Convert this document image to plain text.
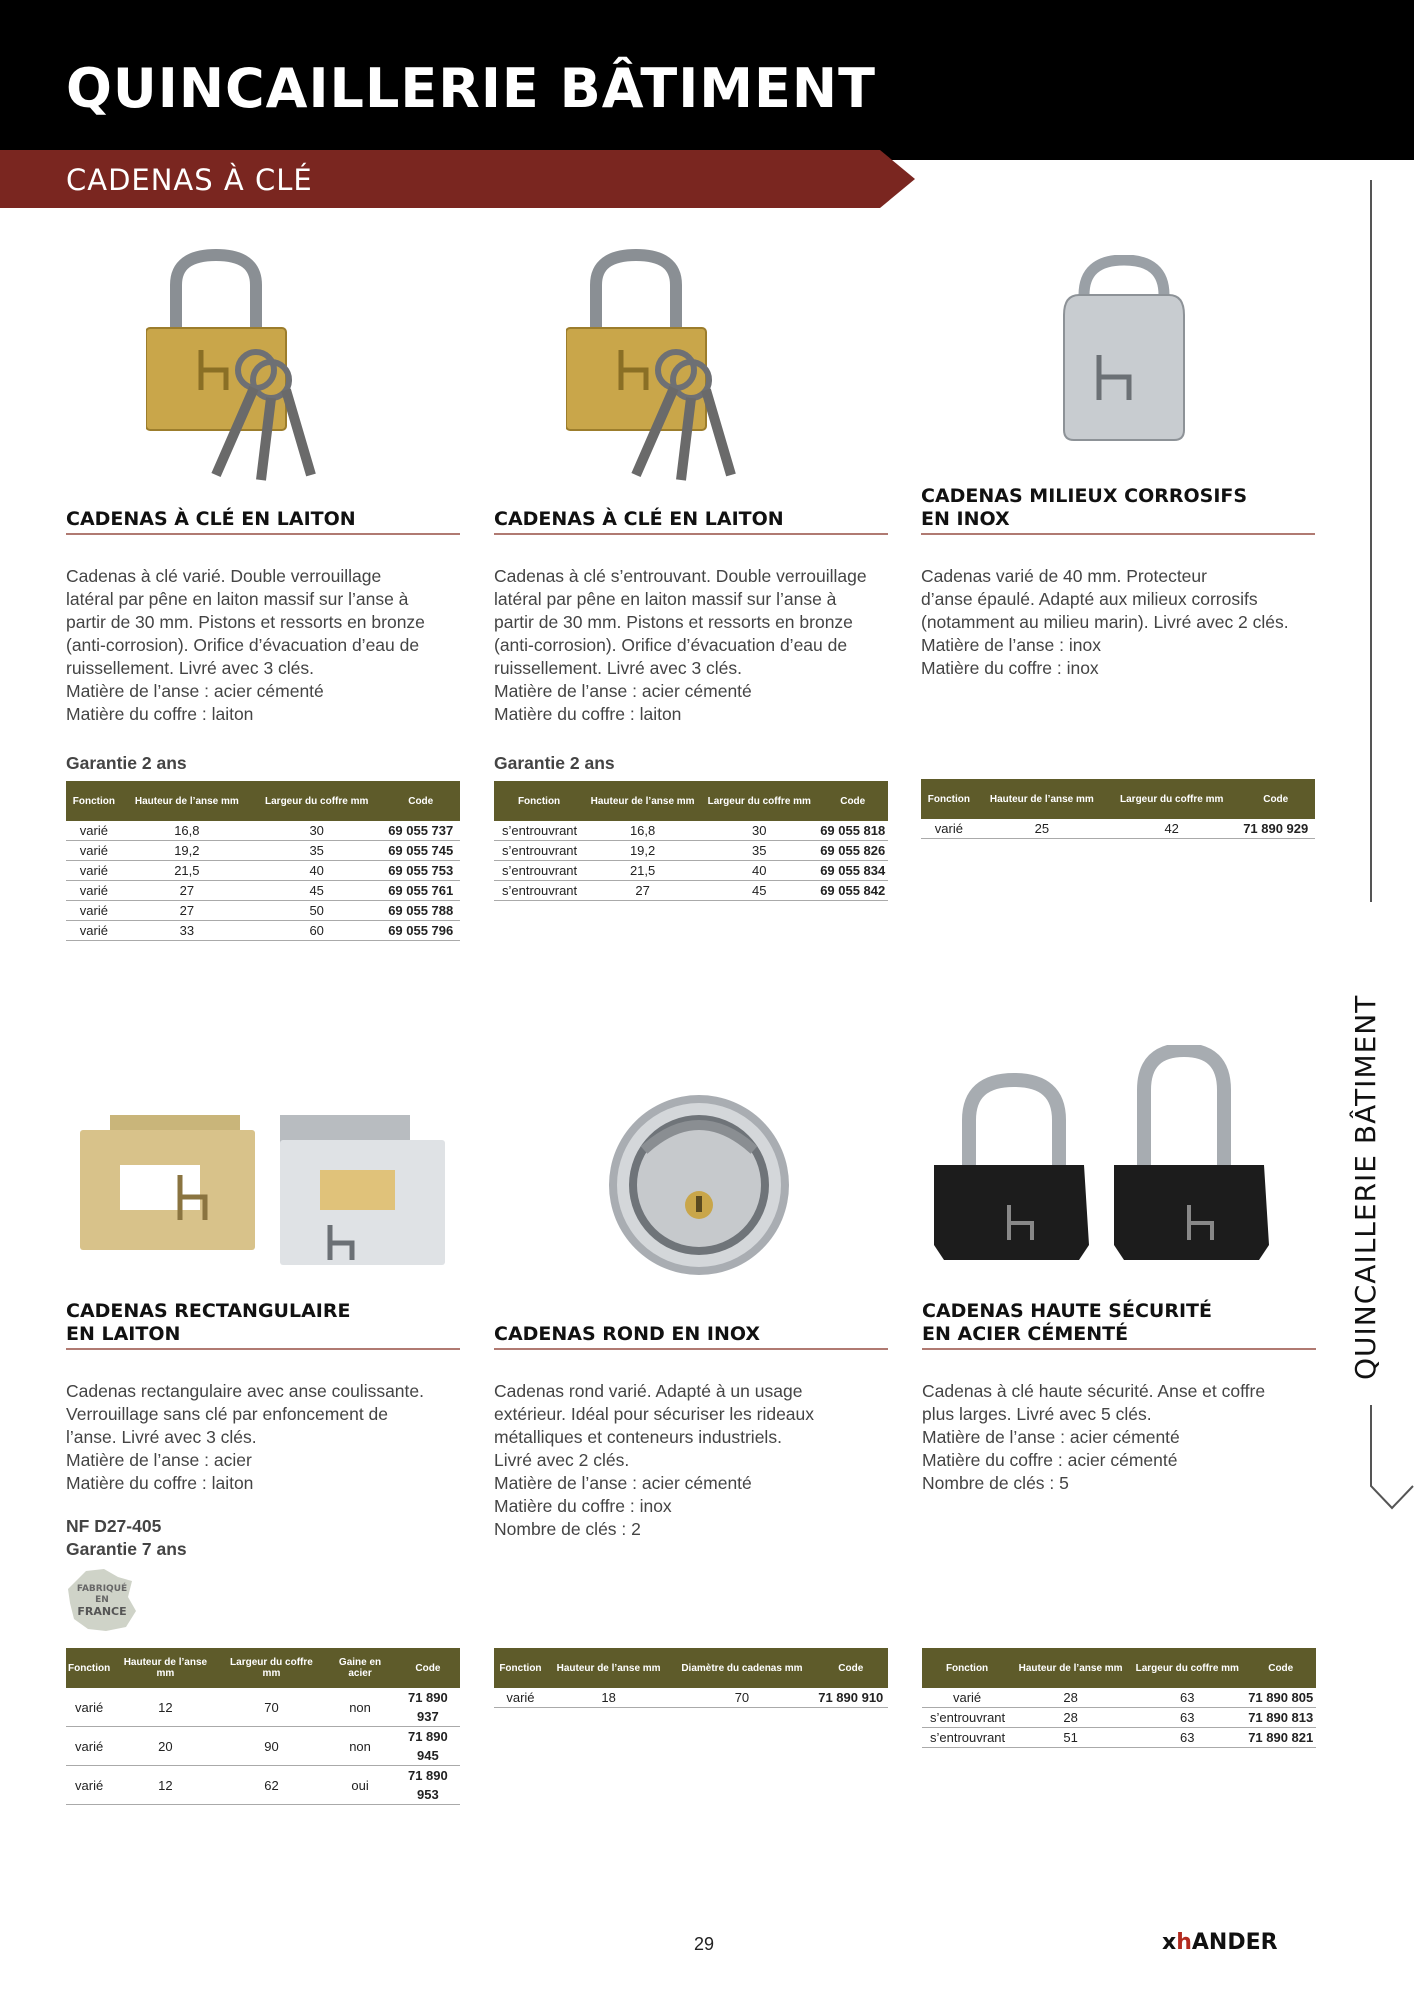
QUINCAILLERIE BÂTIMENT
CADENAS À CLÉ
QUINCAILLERIE BÂTIMENT
CADENAS À CLÉ EN LAITON
Cadenas à clé varié. Double verrouillage
latéral par pêne en laiton massif sur l’anse à
partir de 30 mm. Pistons et ressorts en bronze
(anti-corrosion). Orifice d’évacuation d’eau de
ruissellement. Livré avec 3 clés.
Matière de l’anse : acier cémenté
Matière du coffre : laiton
Garantie 2 ans
Fonction	Hauteur de l’anse mm	Largeur du coffre mm	Code
varié	16,8	30	69 055 737
varié	19,2	35	69 055 745
varié	21,5	40	69 055 753
varié	27	45	69 055 761
varié	27	50	69 055 788
varié	33	60	69 055 796
CADENAS À CLÉ EN LAITON
Cadenas à clé s’entrouvant. Double verrouillage
latéral par pêne en laiton massif sur l’anse à
partir de 30 mm. Pistons et ressorts en bronze
(anti-corrosion). Orifice d’évacuation d’eau de
ruissellement. Livré avec 3 clés.
Matière de l’anse : acier cémenté
Matière du coffre : laiton
Garantie 2 ans
Fonction	Hauteur de l’anse mm	Largeur du coffre mm	Code
s’entrouvrant	16,8	30	69 055 818
s’entrouvrant	19,2	35	69 055 826
s’entrouvrant	21,5	40	69 055 834
s’entrouvrant	27	45	69 055 842
CADENAS MILIEUX CORROSIFS
EN INOX
Cadenas varié de 40 mm. Protecteur
d’anse épaulé. Adapté aux milieux corrosifs
(notamment au milieu marin). Livré avec 2 clés.
Matière de l’anse : inox
Matière du coffre : inox
Fonction	Hauteur de l’anse mm	Largeur du coffre mm	Code
varié	25	42	71 890 929
CADENAS RECTANGULAIRE
EN LAITON
Cadenas rectangulaire avec anse coulissante.
Verrouillage sans clé par enfoncement de
l’anse. Livré avec 3 clés.
Matière de l’anse : acier
Matière du coffre : laiton
NF D27-405
Garantie 7 ans
FABRIQUÉ
EN
FRANCE
Fonction	Hauteur de l’anse mm	Largeur du coffre mm	Gaine en acier	Code
varié	12	70	non	71 890 937
varié	20	90	non	71 890 945
varié	12	62	oui	71 890 953
CADENAS ROND EN INOX
Cadenas rond varié. Adapté à un usage
extérieur. Idéal pour sécuriser les rideaux
métalliques et conteneurs industriels.
Livré avec 2 clés.
Matière de l’anse : acier cémenté
Matière du coffre : inox
Nombre de clés : 2
Fonction	Hauteur de l’anse mm	Diamètre du cadenas mm	Code
varié	18	70	71 890 910
CADENAS HAUTE SÉCURITÉ
EN ACIER CÉMENTÉ
Cadenas à clé haute sécurité. Anse et coffre
plus larges. Livré avec 5 clés.
Matière de l’anse : acier cémenté
Matière du coffre : acier cémenté
Nombre de clés : 5
Fonction	Hauteur de l’anse mm	Largeur du coffre mm	Code
varié	28	63	71 890 805
s’entrouvrant	28	63	71 890 813
s’entrouvrant	51	63	71 890 821
29	xhANDER
